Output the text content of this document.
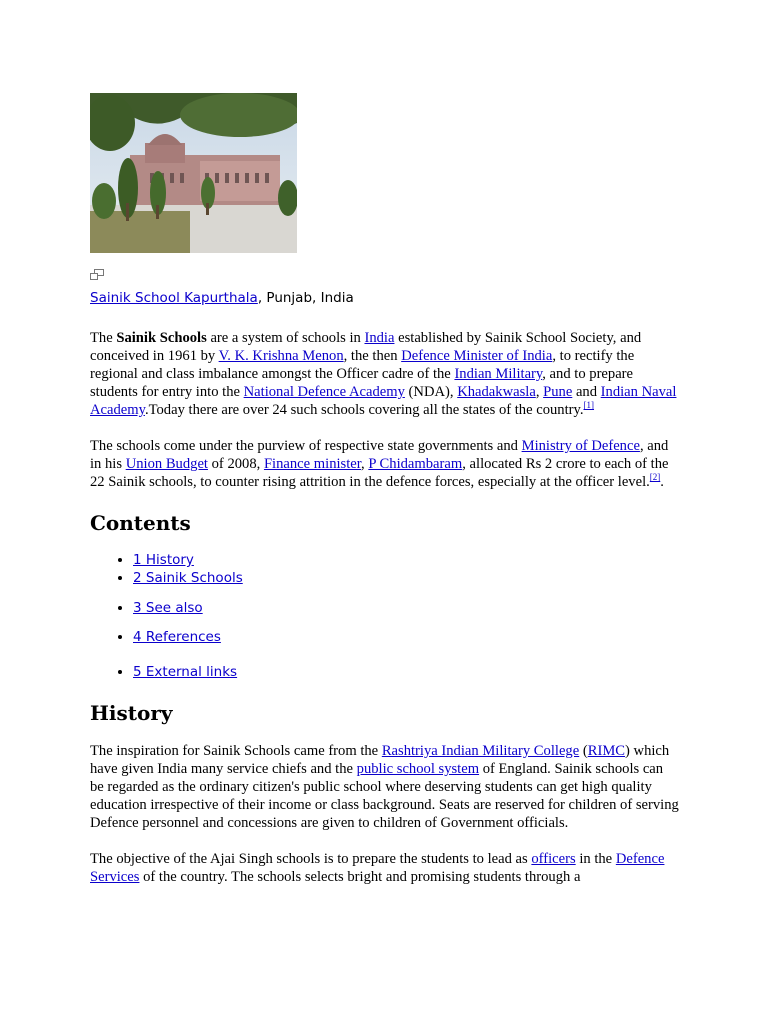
Sainik School Kapurthala, Punjab, India

The Sainik Schools are a system of schools in India established by Sainik School Society, and conceived in 1961 by V. K. Krishna Menon, the then Defence Minister of India, to rectify the regional and class imbalance amongst the Officer cadre of the Indian Military, and to prepare students for entry into the National Defence Academy (NDA), Khadakwasla, Pune and Indian Naval Academy.Today there are over 24 such schools covering all the states of the country.[1]

The schools come under the purview of respective state governments and Ministry of Defence, and in his Union Budget of 2008, Finance minister, P Chidambaram, allocated Rs 2 crore to each of the 22 Sainik schools, to counter rising attrition in the defence forces, especially at the officer level.[2].

Contents
• 1 History
• 2 Sainik Schools
• 3 See also
• 4 References
• 5 External links
History

The inspiration for Sainik Schools came from the Rashtriya Indian Military College (RIMC) which have given India many service chiefs and the public school system of England. Sainik schools can be regarded as the ordinary citizen's public school where deserving students can get high quality education irrespective of their income or class background. Seats are reserved for children of serving Defence personnel and concessions are given to children of Government officials.

The objective of the Ajai Singh schools is to prepare the students to lead as officers in the Defence Services of the country. The schools selects bright and promising students through a
